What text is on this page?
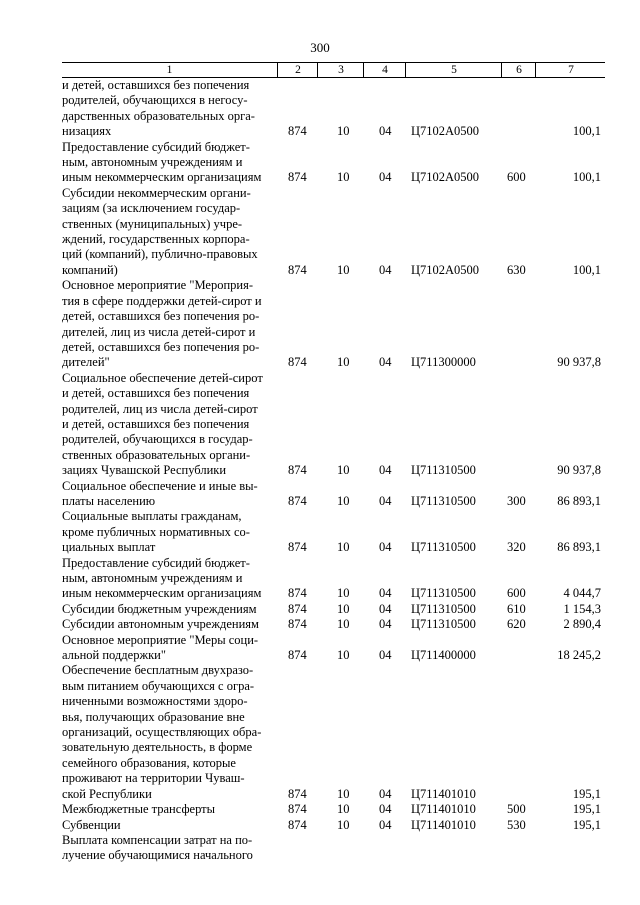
300
1	2	3	4	5	6	7
и детей, оставшихся без попечения
родителей, обучающихся в негосу-
дарственных образовательных орга-
низациях	874 10 04 Ц7102А0500	100,1
Предоставление субсидий бюджет-
ным, автономным учреждениям и
иным некоммерческим организациям	874 10 04 Ц7102А0500 600	100,1
Субсидии некоммерческим органи-
зациям (за исключением государ-
ственных (муниципальных) учре-
ждений, государственных корпора-
ций (компаний), публично-правовых
компаний)	874 10 04 Ц7102А0500 630	100,1
Основное мероприятие "Мероприя-
тия в сфере поддержки детей-сирот и
детей, оставшихся без попечения ро-
дителей, лиц из числа детей-сирот и
детей, оставшихся без попечения ро-
дителей"	874 10 04 Ц711300000	90 937,8
Социальное обеспечение детей-сирот
и детей, оставшихся без попечения
родителей, лиц из числа детей-сирот
и детей, оставшихся без попечения
родителей, обучающихся в государ-
ственных образовательных органи-
зациях Чувашской Республики	874 10 04 Ц711310500	90 937,8
Социальное обеспечение и иные вы-
платы населению	874 10 04 Ц711310500 300	86 893,1
Социальные выплаты гражданам,
кроме публичных нормативных со-
циальных выплат	874 10 04 Ц711310500 320	86 893,1
Предоставление субсидий бюджет-
ным, автономным учреждениям и
иным некоммерческим организациям	874 10 04 Ц711310500 600	4 044,7
Субсидии бюджетным учреждениям	874 10 04 Ц711310500 610	1 154,3
Субсидии автономным учреждениям	874 10 04 Ц711310500 620	2 890,4
Основное мероприятие "Меры соци-
альной поддержки"	874 10 04 Ц711400000	18 245,2
Обеспечение бесплатным двухразо-
вым питанием обучающихся с огра-
ниченными возможностями здоро-
вья, получающих образование вне
организаций, осуществляющих обра-
зовательную деятельность, в форме
семейного образования, которые
проживают на территории Чуваш-
ской Республики	874 10 04 Ц711401010	195,1
Межбюджетные трансферты	874 10 04 Ц711401010 500	195,1
Субвенции	874 10 04 Ц711401010 530	195,1
Выплата компенсации затрат на по-
лучение обучающимися начального
